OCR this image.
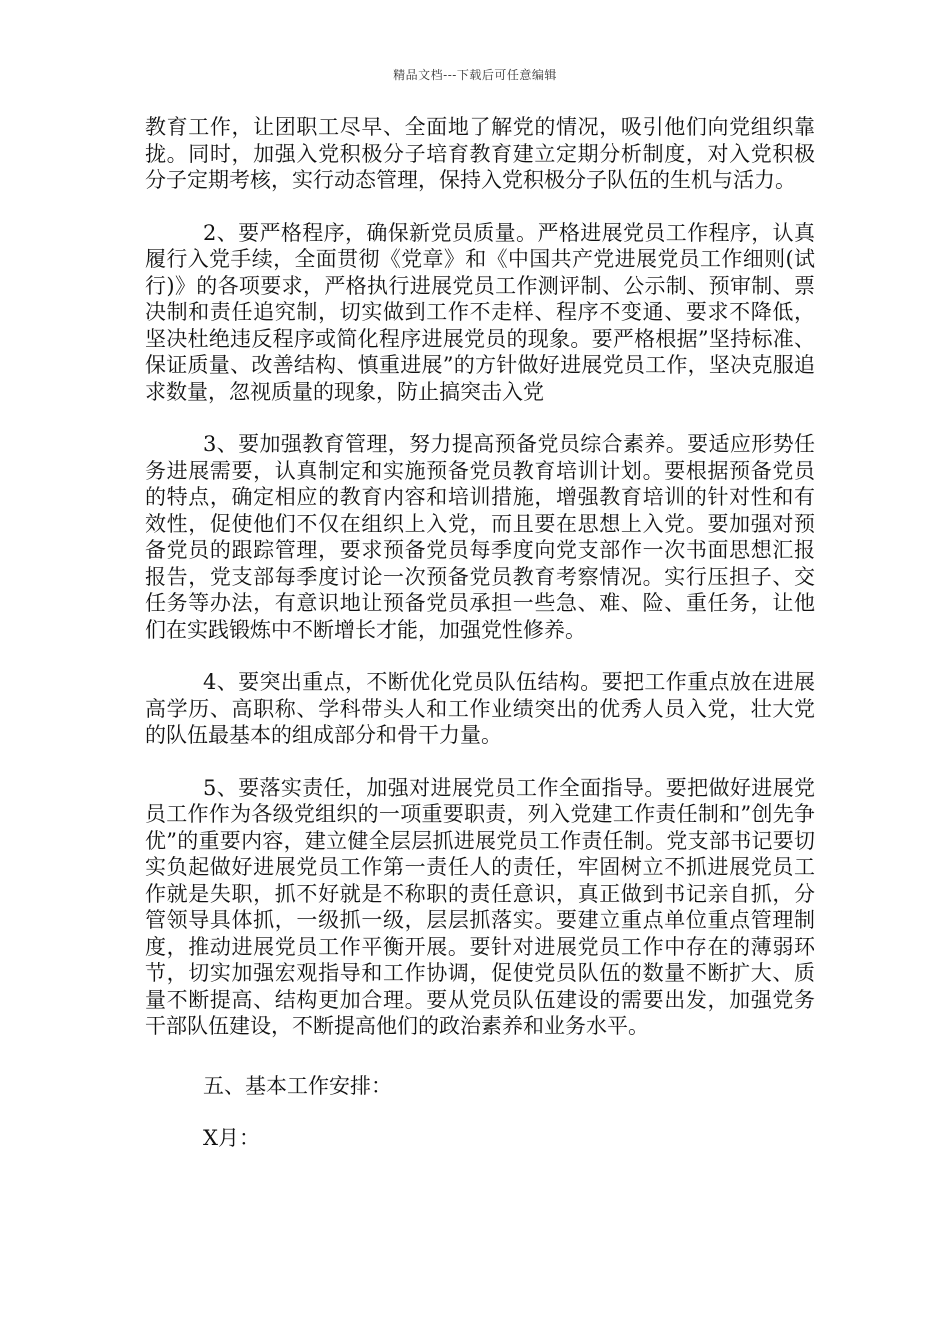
精品文档---下载后可任意编辑

教育工作，让团职工尽早、全面地了解党的情况，吸引他们向党组织靠拢。同时，加强入党积极分子培育教育建立定期分析制度，对入党积极分子定期考核，实行动态管理，保持入党积极分子队伍的生机与活力。

2、要严格程序，确保新党员质量。严格进展党员工作程序，认真履行入党手续，全面贯彻《党章》和《中国共产党进展党员工作细则(试行)》的各项要求，严格执行进展党员工作测评制、公示制、预审制、票决制和责任追究制，切实做到工作不走样、程序不变通、要求不降低，坚决杜绝违反程序或简化程序进展党员的现象。要严格根据”坚持标准、保证质量、改善结构、慎重进展”的方针做好进展党员工作，坚决克服追求数量，忽视质量的现象，防止搞突击入党

3、要加强教育管理，努力提高预备党员综合素养。要适应形势任务进展需要，认真制定和实施预备党员教育培训计划。要根据预备党员的特点，确定相应的教育内容和培训措施，增强教育培训的针对性和有效性，促使他们不仅在组织上入党，而且要在思想上入党。要加强对预备党员的跟踪管理，要求预备党员每季度向党支部作一次书面思想汇报报告，党支部每季度讨论一次预备党员教育考察情况。实行压担子、交任务等办法，有意识地让预备党员承担一些急、难、险、重任务，让他们在实践锻炼中不断增长才能，加强党性修养。

4、要突出重点，不断优化党员队伍结构。要把工作重点放在进展高学历、高职称、学科带头人和工作业绩突出的优秀人员入党，壮大党的队伍最基本的组成部分和骨干力量。

5、要落实责任，加强对进展党员工作全面指导。要把做好进展党员工作作为各级党组织的一项重要职责，列入党建工作责任制和”创先争优”的重要内容，建立健全层层抓进展党员工作责任制。党支部书记要切实负起做好进展党员工作第一责任人的责任，牢固树立不抓进展党员工作就是失职，抓不好就是不称职的责任意识，真正做到书记亲自抓，分管领导具体抓，一级抓一级，层层抓落实。要建立重点单位重点管理制度，推动进展党员工作平衡开展。要针对进展党员工作中存在的薄弱环节，切实加强宏观指导和工作协调，促使党员队伍的数量不断扩大、质量不断提高、结构更加合理。要从党员队伍建设的需要出发，加强党务干部队伍建设，不断提高他们的政治素养和业务水平。

五、基本工作安排：

X月：
